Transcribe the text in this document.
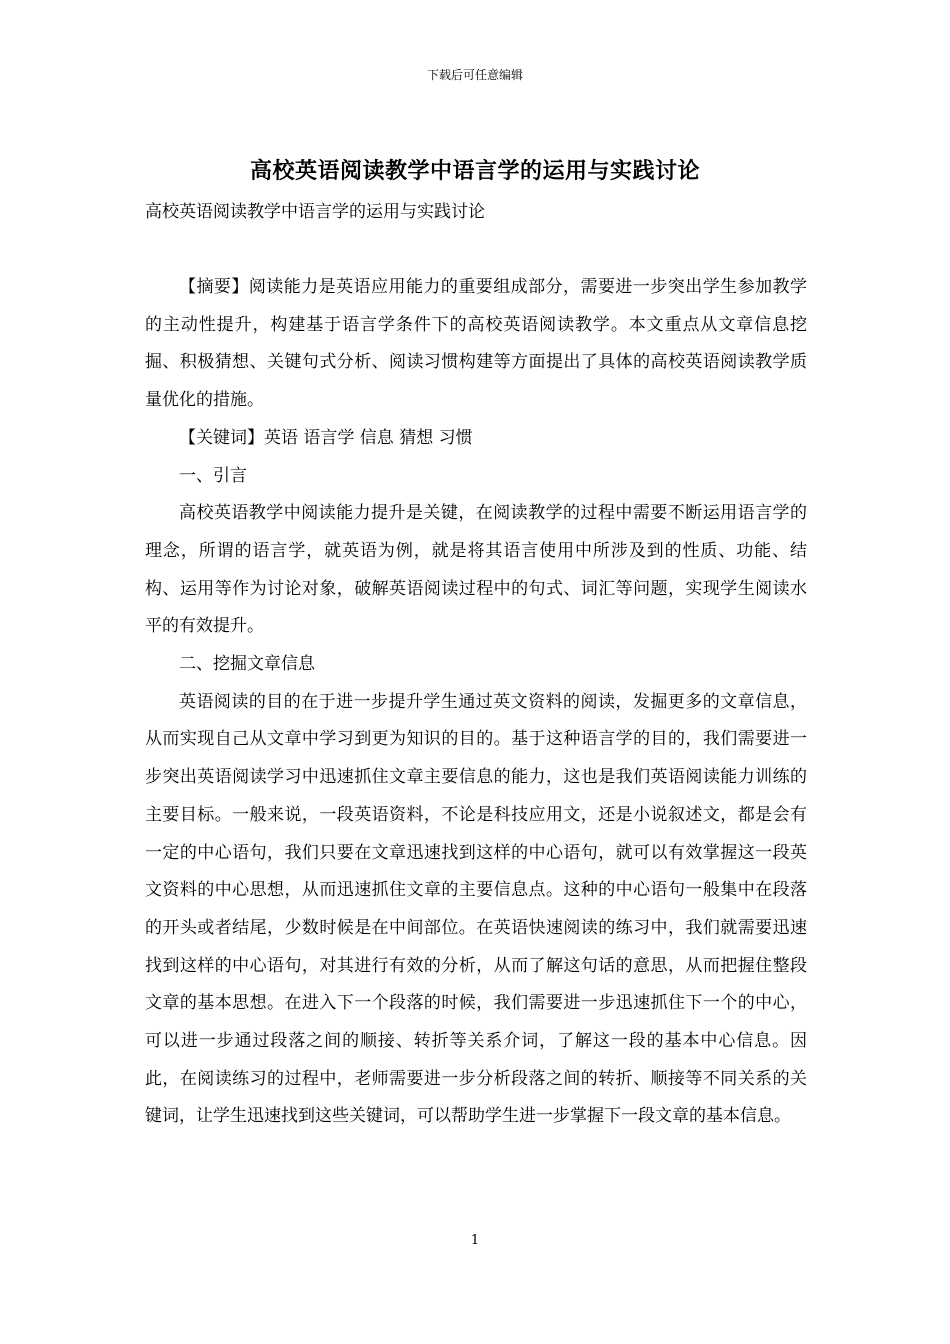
下载后可任意编辑
高校英语阅读教学中语言学的运用与实践讨论
高校英语阅读教学中语言学的运用与实践讨论

【摘要】阅读能力是英语应用能力的重要组成部分，需要进一步突出学生参加教学的主动性提升，构建基于语言学条件下的高校英语阅读教学。本文重点从文章信息挖掘、积极猜想、关键句式分析、阅读习惯构建等方面提出了具体的高校英语阅读教学质量优化的措施。

【关键词】英语 语言学 信息 猜想 习惯

一、引言

高校英语教学中阅读能力提升是关键，在阅读教学的过程中需要不断运用语言学的理念，所谓的语言学，就英语为例，就是将其语言使用中所涉及到的性质、功能、结构、运用等作为讨论对象，破解英语阅读过程中的句式、词汇等问题，实现学生阅读水平的有效提升。

二、挖掘文章信息

英语阅读的目的在于进一步提升学生通过英文资料的阅读，发掘更多的文章信息，从而实现自己从文章中学习到更为知识的目的。基于这种语言学的目的，我们需要进一步突出英语阅读学习中迅速抓住文章主要信息的能力，这也是我们英语阅读能力训练的主要目标。一般来说，一段英语资料，不论是科技应用文，还是小说叙述文，都是会有一定的中心语句，我们只要在文章迅速找到这样的中心语句，就可以有效掌握这一段英文资料的中心思想，从而迅速抓住文章的主要信息点。这种的中心语句一般集中在段落的开头或者结尾，少数时候是在中间部位。在英语快速阅读的练习中，我们就需要迅速找到这样的中心语句，对其进行有效的分析，从而了解这句话的意思，从而把握住整段文章的基本思想。在进入下一个段落的时候，我们需要进一步迅速抓住下一个的中心，可以进一步通过段落之间的顺接、转折等关系介词，了解这一段的基本中心信息。因此，在阅读练习的过程中，老师需要进一步分析段落之间的转折、顺接等不同关系的关键词，让学生迅速找到这些关键词，可以帮助学生进一步掌握下一段文章的基本信息。

1
